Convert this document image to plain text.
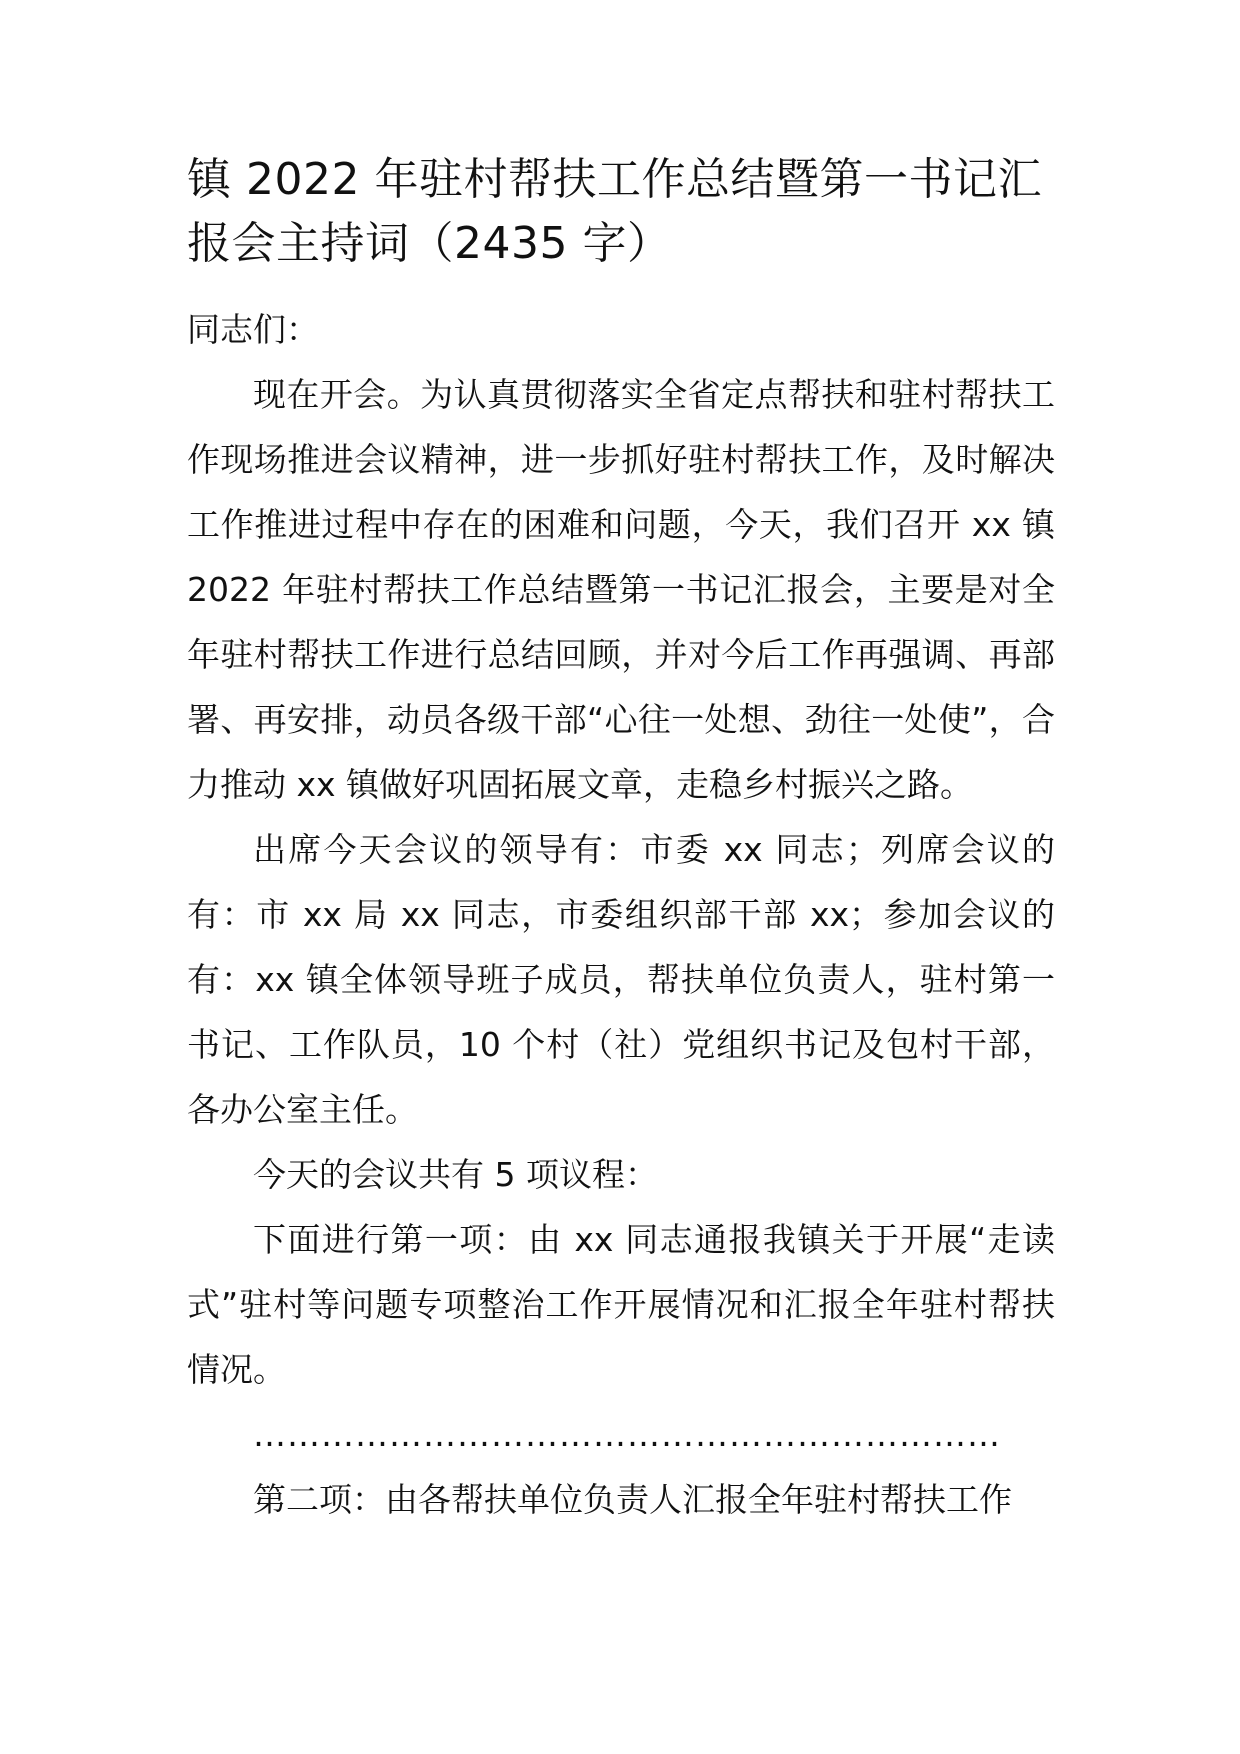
镇 2022 年驻村帮扶工作总结暨第一书记汇报会主持词（2435 字）

同志们：

现在开会。为认真贯彻落实全省定点帮扶和驻村帮扶工作现场推进会议精神，进一步抓好驻村帮扶工作，及时解决工作推进过程中存在的困难和问题，今天，我们召开 xx 镇 2022 年驻村帮扶工作总结暨第一书记汇报会，主要是对全年驻村帮扶工作进行总结回顾，并对今后工作再强调、再部署、再安排，动员各级干部“心往一处想、劲往一处使”，合力推动 xx 镇做好巩固拓展文章，走稳乡村振兴之路。

出席今天会议的领导有：市委 xx 同志；列席会议的有：市 xx 局 xx 同志，市委组织部干部 xx；参加会议的有：xx 镇全体领导班子成员，帮扶单位负责人，驻村第一书记、工作队员，10 个村（社）党组织书记及包村干部，各办公室主任。

今天的会议共有 5 项议程：

下面进行第一项：由 xx 同志通报我镇关于开展“走读式”驻村等问题专项整治工作开展情况和汇报全年驻村帮扶情况。

…………………………………………………………

第二项：由各帮扶单位负责人汇报全年驻村帮扶工作
